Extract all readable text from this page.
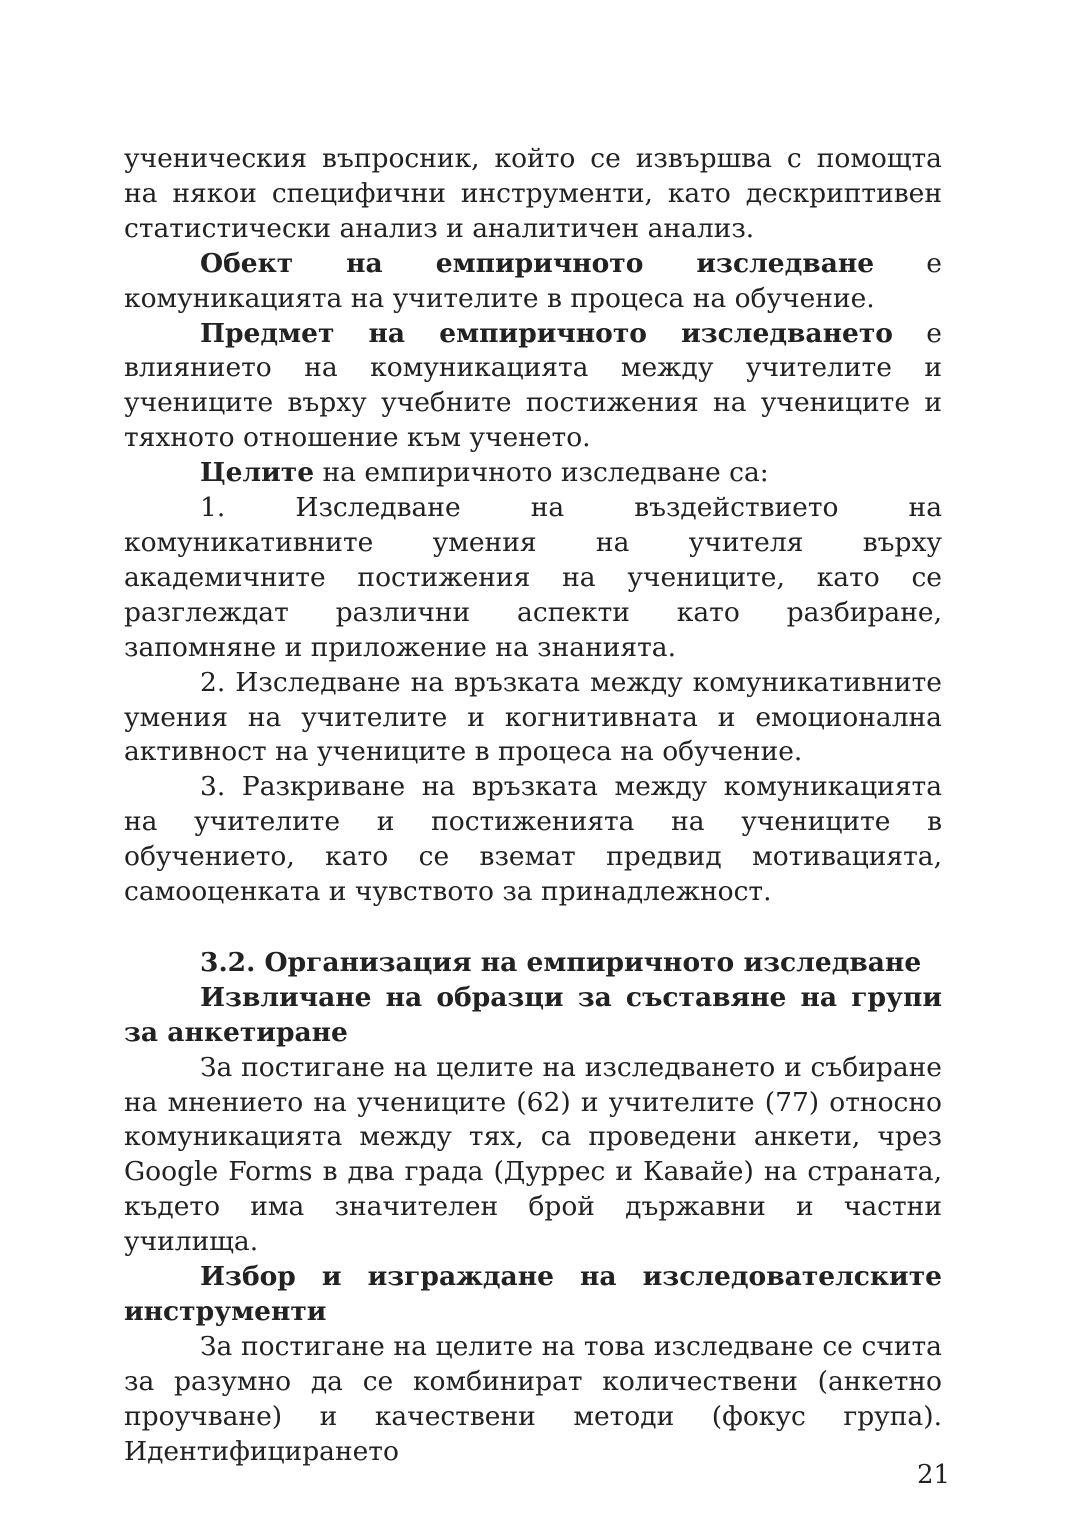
ученическия въпросник, който се извършва с помощта на някои специфични инструменти, като дескриптивен статистически анализ и аналитичен анализ.

Обект на емпиричното изследване е комуникацията на учителите в процеса на обучение.

Предмет на емпиричното изследването е влиянието на комуникацията между учителите и учениците върху учебните постижения на учениците и тяхното отношение към ученето.

Целите на емпиричното изследване са:

1. Изследване на въздействието на комуникативните умения на учителя върху академичните постижения на учениците, като се разглеждат различни аспекти като разбиране, запомняне и приложение на знанията.

2. Изследване на връзката между комуникативните умения на учителите и когнитивната и емоционална активност на учениците в процеса на обучение.

3. Разкриване на връзката между комуникацията на учителите и постиженията на учениците в обучението, като се вземат предвид мотивацията, самооценката и чувството за принадлежност.

3.2. Организация на емпиричното изследване

Извличане на образци за съставяне на групи за анкетиране

За постигане на целите на изследването и събиране на мнението на учениците (62) и учителите (77) относно комуникацията между тях, са проведени анкети, чрез Google Forms в два града (Дуррес и Кавайе) на страната, където има значителен брой държавни и частни училища.

Избор и изграждане на изследователските инструменти

За постигане на целите на това изследване се счита за разумно да се комбинират количествени (анкетно проучване) и качествени методи (фокус група). Идентифицирането

21
